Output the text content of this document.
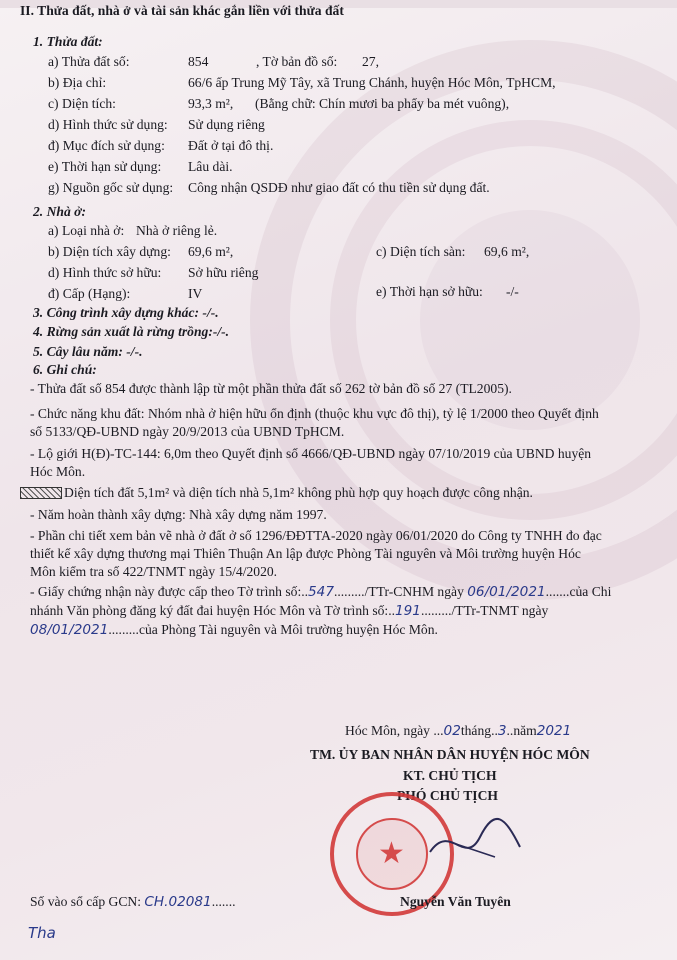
II. Thửa đất, nhà ở và tài sản khác gắn liền với thửa đất
1. Thửa đất:
a) Thửa đất số:	854	, Tờ bản đồ số: 27,
b) Địa chỉ:	66/6 ấp Trung Mỹ Tây, xã Trung Chánh, huyện Hóc Môn, TpHCM,
c) Diện tích:	93,3 m², (Bằng chữ: Chín mươi ba phẩy ba mét vuông),
d) Hình thức sử dụng: Sử dụng riêng
đ) Mục đích sử dụng: Đất ở tại đô thị.
e) Thời hạn sử dụng: Lâu dài.
g) Nguồn gốc sử dụng: Công nhận QSDĐ như giao đất có thu tiền sử dụng đất.
2. Nhà ở:
a) Loại nhà ở: Nhà ở riêng lẻ.
b) Diện tích xây dựng: 69,6 m²,	c) Diện tích sàn: 69,6 m²,
d) Hình thức sở hữu: Sở hữu riêng
đ) Cấp (Hạng):	IV	e) Thời hạn sở hữu: -/-
3. Công trình xây dựng khác: -/-.
4. Rừng sản xuất là rừng trồng:-/-.
5. Cây lâu năm: -/-.
6. Ghi chú:
- Thửa đất số 854 được thành lập từ một phần thửa đất số 262 tờ bản đồ số 27 (TL2005).
- Chức năng khu đất: Nhóm nhà ở hiện hữu ổn định (thuộc khu vực đô thị), tỷ lệ 1/2000 theo Quyết định
số 5133/QĐ-UBND ngày 20/9/2013 của UBND TpHCM.
- Lộ giới H(Đ)-TC-144: 6,0m theo Quyết định số 4666/QĐ-UBND ngày 07/10/2019 của UBND huyện
Hóc Môn.
Diện tích đất 5,1m² và diện tích nhà 5,1m² không phù hợp quy hoạch được công nhận.
- Năm hoàn thành xây dựng: Nhà xây dựng năm 1997.
- Phần chi tiết xem bản vẽ nhà ở đất ở số 1296/ĐĐTTA-2020 ngày 06/01/2020 do Công ty TNHH đo đạc
thiết kế xây dựng thương mại Thiên Thuận An lập được Phòng Tài nguyên và Môi trường huyện Hóc
Môn kiểm tra số 422/TNMT ngày 15/4/2020.
- Giấy chứng nhận này được cấp theo Tờ trình số:..547........./TTr-CNHM ngày 06/01/2021.......của Chi
nhánh Văn phòng đăng ký đất đai huyện Hóc Môn và Tờ trình số:..191........./TTr-TNMT ngày
08/01/2021.........của Phòng Tài nguyên và Môi trường huyện Hóc Môn.
Hóc Môn, ngày ...02tháng..3..năm2021
TM. ỦY BAN NHÂN DÂN HUYỆN HÓC MÔN
KT. CHỦ TỊCH
PHÓ CHỦ TỊCH
★
Nguyễn Văn Tuyên
Số vào sổ cấp GCN: CH.02081.......
Tha
